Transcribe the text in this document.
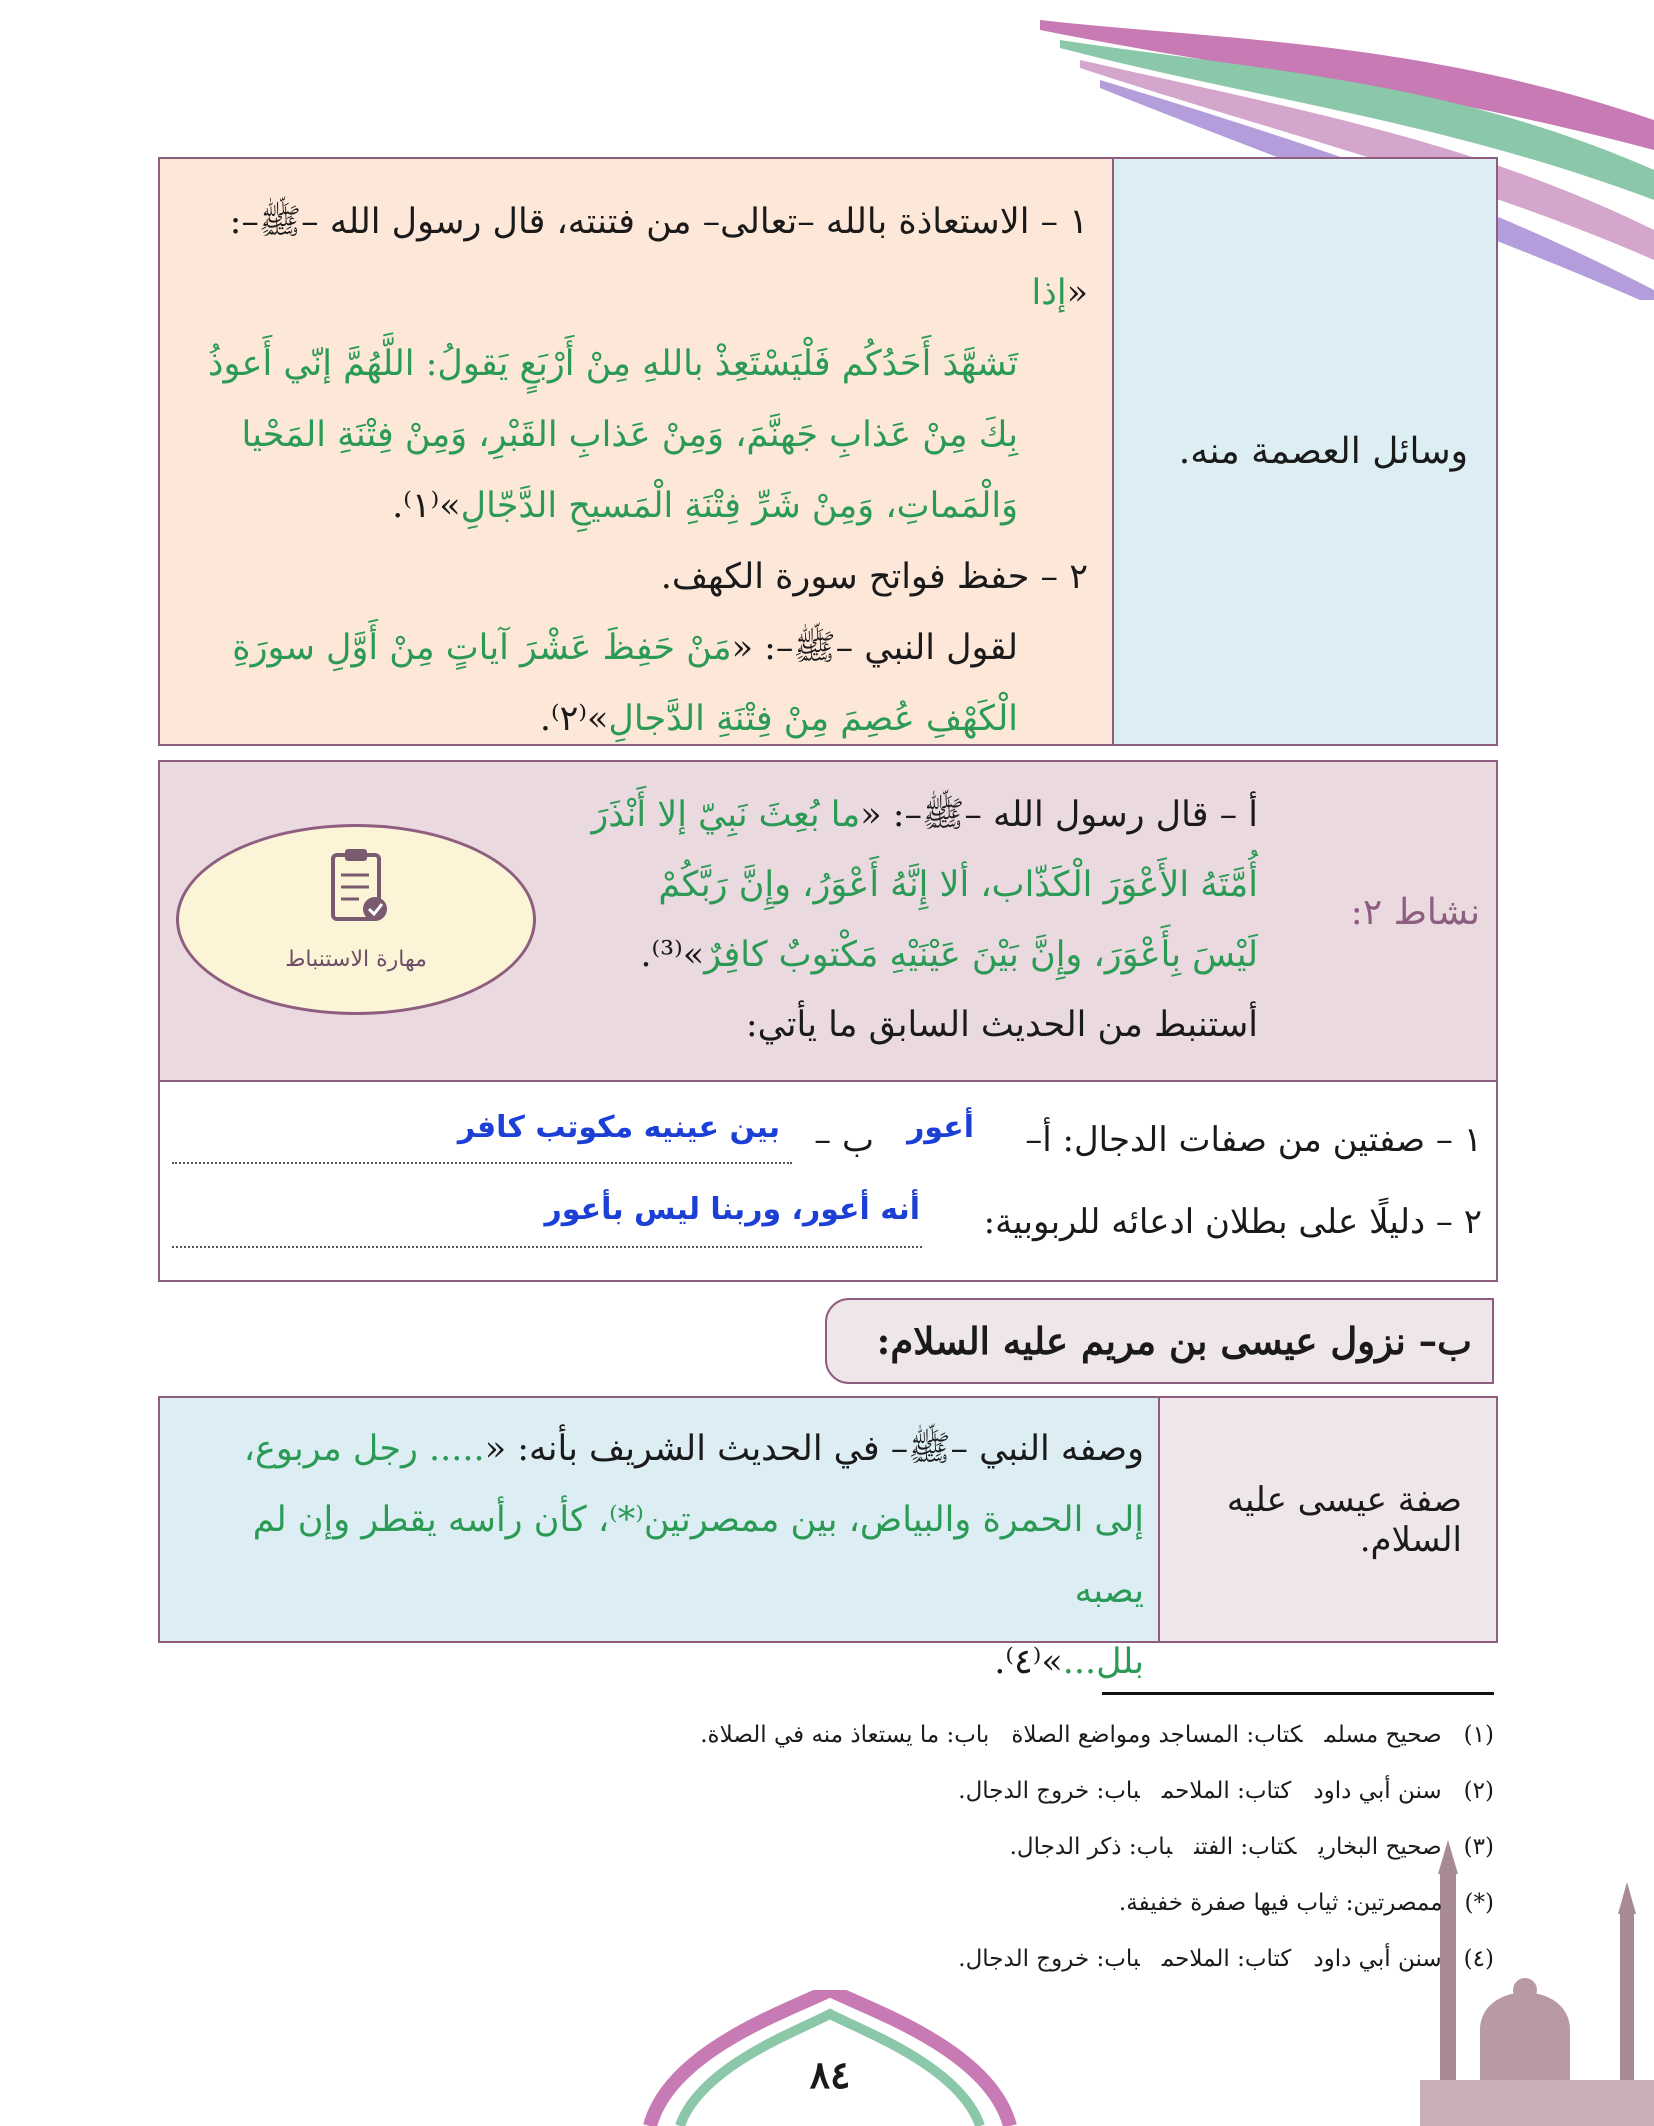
وسائل العصمة منه.

١ – الاستعاذة بالله –تعالى– من فتنته، قال رسول الله –ﷺ–: «إذا

تَشهَّدَ أَحَدُكُم فَلْيَسْتَعِذْ باللهِ مِنْ أَرْبَعٍ يَقولُ: اللَّهُمَّ إنّي أَعوذُ

بِكَ مِنْ عَذابِ جَهنَّمَ، وَمِنْ عَذابِ القَبْرِ، وَمِنْ فِتْنَةِ المَحْيا

وَالْمَماتِ، وَمِنْ شَرِّ فِتْنَةِ الْمَسيحِ الدَّجّالِ»⁽١⁾.

٢ – حفظ فواتح سورة الكهف.

لقول النبي –ﷺ–: «مَنْ حَفِظَ عَشْرَ آياتٍ مِنْ أَوَّلِ سورَةِ

الْكَهْفِ عُصِمَ مِنْ فِتْنَةِ الدَّجالِ»⁽٢⁾.

نشاط ٢:

أ – قال رسول الله –ﷺ–: «ما بُعِثَ نَبِيّ إلا أَنْذَرَ

أُمَّتَهُ الأَعْوَرَ الْكَذّاب، ألا إِنَّهُ أَعْوَرُ، وإِنَّ رَبَّكُمْ

لَيْسَ بِأَعْوَرَ، وإِنَّ بَيْنَ عَيْنَيْهِ مَكْتوبٌ كافِرٌ»⁽³⁾.

أستنبط من الحديث السابق ما يأتي:

مهارة الاستنباط
١ – صفتين من صفات الدجال: أ–
أعور
ب –
بين عينيه مكوتب كافر
٢ – دليلًا على بطلان ادعائه للربوبية:
أنه أعور، وربنا ليس بأعور
ب– نزول عيسى بن مريم عليه السلام:
صفة عيسى عليه السلام.

وصفه النبي –ﷺ– في الحديث الشريف بأنه: «..... رجل مربوع،

إلى الحمرة والبياض، بين ممصرتين⁽*⁾، كأن رأسه يقطر وإن لم يصبه

بلل...»⁽٤⁾.

(١)صحيح مسلمكتاب: المساجد ومواضع الصلاةباب: ما يستعاذ منه في الصلاة.
(٢)سنن أبي داودكتاب: الملاحمباب: خروج الدجال.
(٣)صحيح البخاريكتاب: الفتنباب: ذكر الدجال.
(*)ممصرتين: ثياب فيها صفرة خفيفة.
(٤)سنن أبي داودكتاب: الملاحمباب: خروج الدجال.
٨٤
